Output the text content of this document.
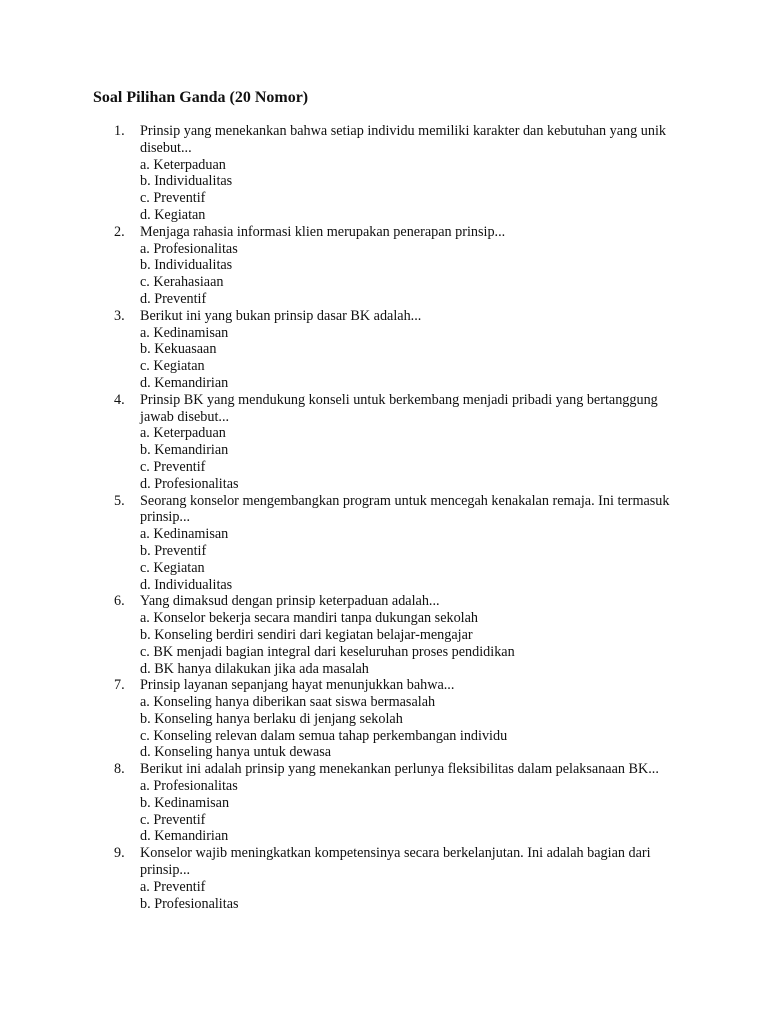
Soal Pilihan Ganda (20 Nomor)
1.	Prinsip yang menekankan bahwa setiap individu memiliki karakter dan kebutuhan yang unik disebut...
a. Keterpaduan
b. Individualitas
c. Preventif
d. Kegiatan
2.	Menjaga rahasia informasi klien merupakan penerapan prinsip...
a. Profesionalitas
b. Individualitas
c. Kerahasiaan
d. Preventif
3.	Berikut ini yang bukan prinsip dasar BK adalah...
a. Kedinamisan
b. Kekuasaan
c. Kegiatan
d. Kemandirian
4.	Prinsip BK yang mendukung konseli untuk berkembang menjadi pribadi yang bertanggung jawab disebut...
a. Keterpaduan
b. Kemandirian
c. Preventif
d. Profesionalitas
5.	Seorang konselor mengembangkan program untuk mencegah kenakalan remaja. Ini termasuk prinsip...
a. Kedinamisan
b. Preventif
c. Kegiatan
d. Individualitas
6.	Yang dimaksud dengan prinsip keterpaduan adalah...
a. Konselor bekerja secara mandiri tanpa dukungan sekolah
b. Konseling berdiri sendiri dari kegiatan belajar-mengajar
c. BK menjadi bagian integral dari keseluruhan proses pendidikan
d. BK hanya dilakukan jika ada masalah
7.	Prinsip layanan sepanjang hayat menunjukkan bahwa...
a. Konseling hanya diberikan saat siswa bermasalah
b. Konseling hanya berlaku di jenjang sekolah
c. Konseling relevan dalam semua tahap perkembangan individu
d. Konseling hanya untuk dewasa
8.	Berikut ini adalah prinsip yang menekankan perlunya fleksibilitas dalam pelaksanaan BK...
a. Profesionalitas
b. Kedinamisan
c. Preventif
d. Kemandirian
9.	Konselor wajib meningkatkan kompetensinya secara berkelanjutan. Ini adalah bagian dari prinsip...
a. Preventif
b. Profesionalitas
